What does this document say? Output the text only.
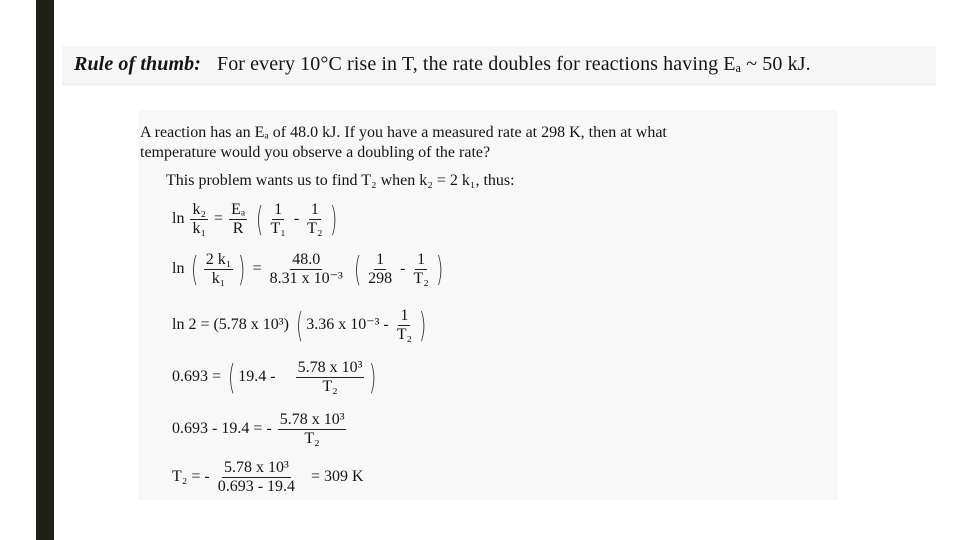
Rule of thumb: For every 10°C rise in T, the rate doubles for reactions having Eₐ ~ 50 kJ.
A reaction has an Eₐ of 48.0 kJ. If you have a measured rate at 298 K, then at what
temperature would you observe a doubling of the rate?
This problem wants us to find T₂ when k₂ = 2 k₁, thus:
$\ln \frac{\text{k₂}}{\text{k₁}} = \frac{\text{Eₐ}}{R}$ ( $\frac{1}{\text{T₁}} - \frac{1}{\text{T₂}}$ )
ln ( $\frac{\text{2 k₁}}{\text{k₁}}$ ) = $\frac{48.0}{\text{8.31 x 10⁻³}}$ ( $\frac{1}{298} - \frac{1}{\text{T₂}}$ )
ln 2 = (5.78 x 10³) ( 3.36 x $10^{-3} - \frac{1}{\text{T₂}}$ )
0.693 = ( $19.4 - \frac{\text{5.78 x 10³}}{\text{T₂}}$ )
0.693 - 19.4 = - $\frac{\text{5.78 x 10³}}{\text{T₂}}$
T₂ = - $\frac{\text{5.78 x 10³}}{0.693 - 19.4} = 309$ K
